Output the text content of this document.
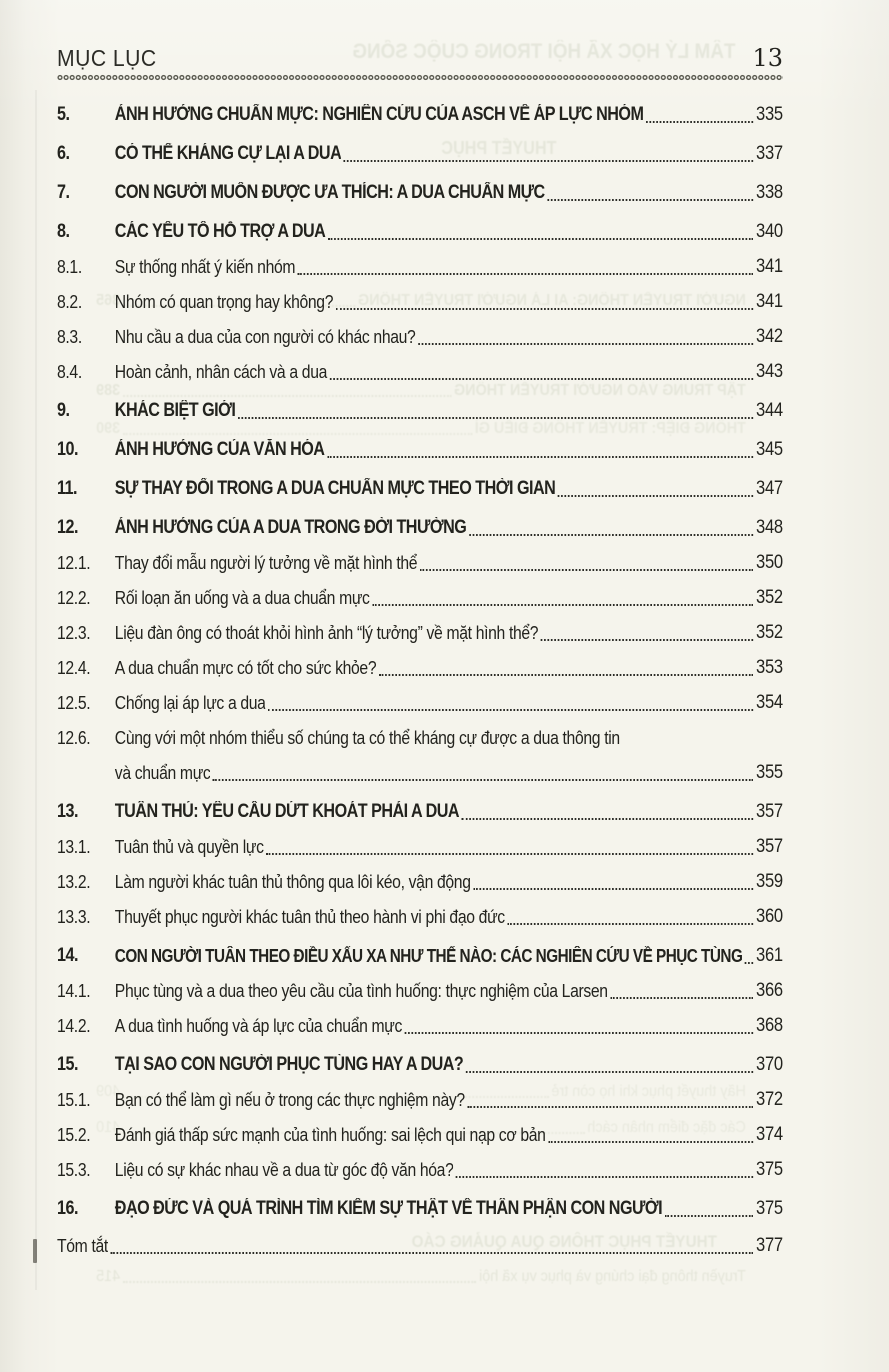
TÂM LÝ HỌC XÃ HỘI TRONG CUỘC SỐNG
THUYẾT PHỤC
NGƯỜI TRUYỀN THÔNG: AI LÀ NGƯỜI TRUYỀN THÔNG
365
TẬP TRUNG VÀO NGƯỜI TRUYỀN THÔNG
389
THÔNG ĐIỆP: TRUYỀN THÔNG ĐIỀU GÌ
390
Hãy thuyết phục khi họ còn trẻ
409
Các đặc điểm nhân cách
410
THUYẾT PHỤC THÔNG QUA QUẢNG CÁO
Truyền thông đại chúng và phục vụ xã hội
415
MỤC LỤC	13
5.	ẢNH HƯỞNG CHUẨN MỰC: NGHIÊN CỨU CỦA ASCH VỀ ÁP LỰC NHÓM	335
6.	CÓ THỂ KHÁNG CỰ LẠI A DUA	337
7.	CON NGƯỜI MUỐN ĐƯỢC ƯA THÍCH: A DUA CHUẨN MỰC	338
8.	CÁC YẾU TỐ HỖ TRỢ A DUA	340
8.1.	Sự thống nhất ý kiến nhóm	341
8.2.	Nhóm có quan trọng hay không?	341
8.3.	Nhu cầu a dua của con người có khác nhau?	342
8.4.	Hoàn cảnh, nhân cách và a dua	343
9.	KHÁC BIỆT GIỚI	344
10.	ẢNH HƯỞNG CỦA VĂN HÓA	345
11.	SỰ THAY ĐỔI TRONG A DUA CHUẨN MỰC THEO THỜI GIAN	347
12.	ẢNH HƯỞNG CỦA A DUA TRONG ĐỜI THƯỜNG	348
12.1.	Thay đổi mẫu người lý tưởng về mặt hình thể	350
12.2.	Rối loạn ăn uống và a dua chuẩn mực	352
12.3.	Liệu đàn ông có thoát khỏi hình ảnh “lý tưởng” về mặt hình thể?	352
12.4.	A dua chuẩn mực có tốt cho sức khỏe?	353
12.5.	Chống lại áp lực a dua	354
12.6.	Cùng với một nhóm thiểu số chúng ta có thể kháng cự được a dua thông tin
và chuẩn mực	355
13.	TUÂN THỦ: YÊU CẦU DỨT KHOÁT PHẢI A DUA	357
13.1.	Tuân thủ và quyền lực	357
13.2.	Làm người khác tuân thủ thông qua lôi kéo, vận động	359
13.3.	Thuyết phục người khác tuân thủ theo hành vi phi đạo đức	360
14.	CON NGƯỜI TUÂN THEO ĐIỀU XẤU XA NHƯ THẾ NÀO: CÁC NGHIÊN CỨU VỀ PHỤC TÙNG 361
14.1.	Phục tùng và a dua theo yêu cầu của tình huống: thực nghiệm của Larsen	366
14.2.	A dua tình huống và áp lực của chuẩn mực	368
15.	TẠI SAO CON NGƯỜI PHỤC TÙNG HAY A DUA?	370
15.1.	Bạn có thể làm gì nếu ở trong các thực nghiệm này?	372
15.2.	Đánh giá thấp sức mạnh của tình huống: sai lệch qui nạp cơ bản	374
15.3.	Liệu có sự khác nhau về a dua từ góc độ văn hóa?	375
16.	ĐẠO ĐỨC VÀ QUÁ TRÌNH TÌM KIẾM SỰ THẬT VỀ THÂN PHẬN CON NGƯỜI	375
Tóm tắt	377
